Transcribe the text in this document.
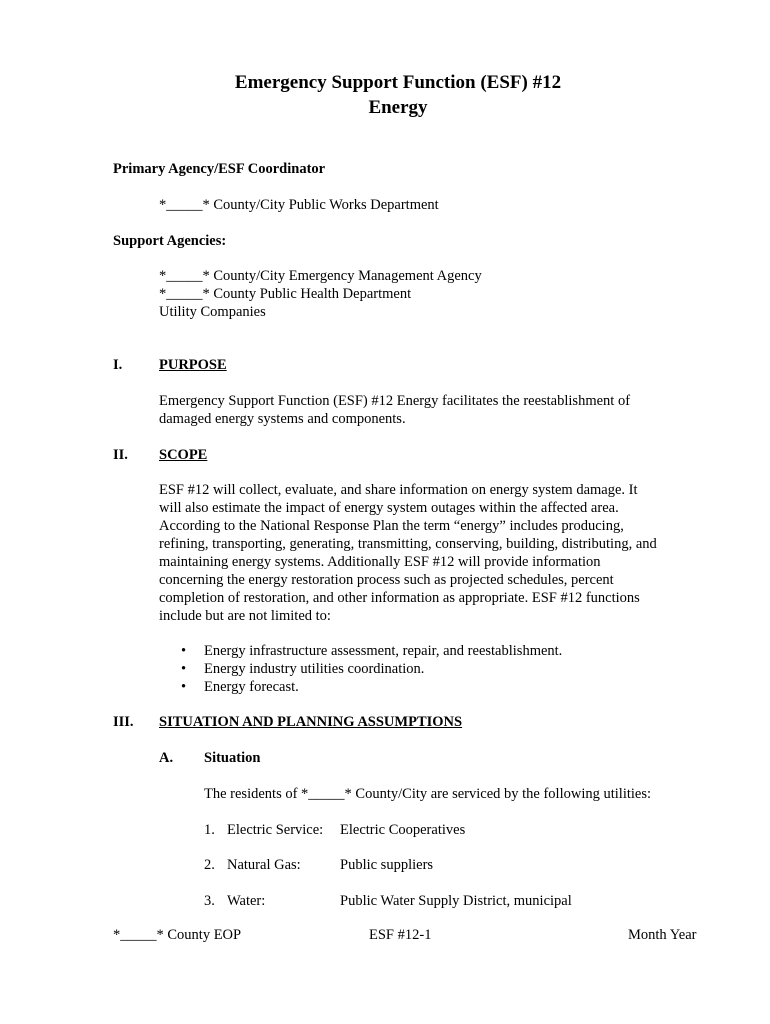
Emergency Support Function (ESF) #12
Energy
Primary Agency/ESF Coordinator
*_____* County/City Public Works Department
Support Agencies:
*_____* County/City Emergency Management Agency
*_____* County Public Health Department
Utility Companies
I.	PURPOSE
Emergency Support Function (ESF) #12 Energy facilitates the reestablishment of
damaged energy systems and components.
II. SCOPE
ESF #12 will collect, evaluate, and share information on energy system damage. It
will also estimate the impact of energy system outages within the affected area.
According to the National Response Plan the term “energy” includes producing,
refining, transporting, generating, transmitting, conserving, building, distributing, and
maintaining energy systems. Additionally ESF #12 will provide information
concerning the energy restoration process such as projected schedules, percent
completion of restoration, and other information as appropriate. ESF #12 functions
include but are not limited to:
• Energy infrastructure assessment, repair, and reestablishment.
• Energy industry utilities coordination.
• Energy forecast.
III. SITUATION AND PLANNING ASSUMPTIONS
A. Situation
The residents of *_____* County/City are serviced by the following utilities:
1. Electric Service: Electric Cooperatives
2. Natural Gas:	Public suppliers
3. Water:	Public Water Supply District, municipal
*_____* County EOP	ESF #12-1	Month Year
